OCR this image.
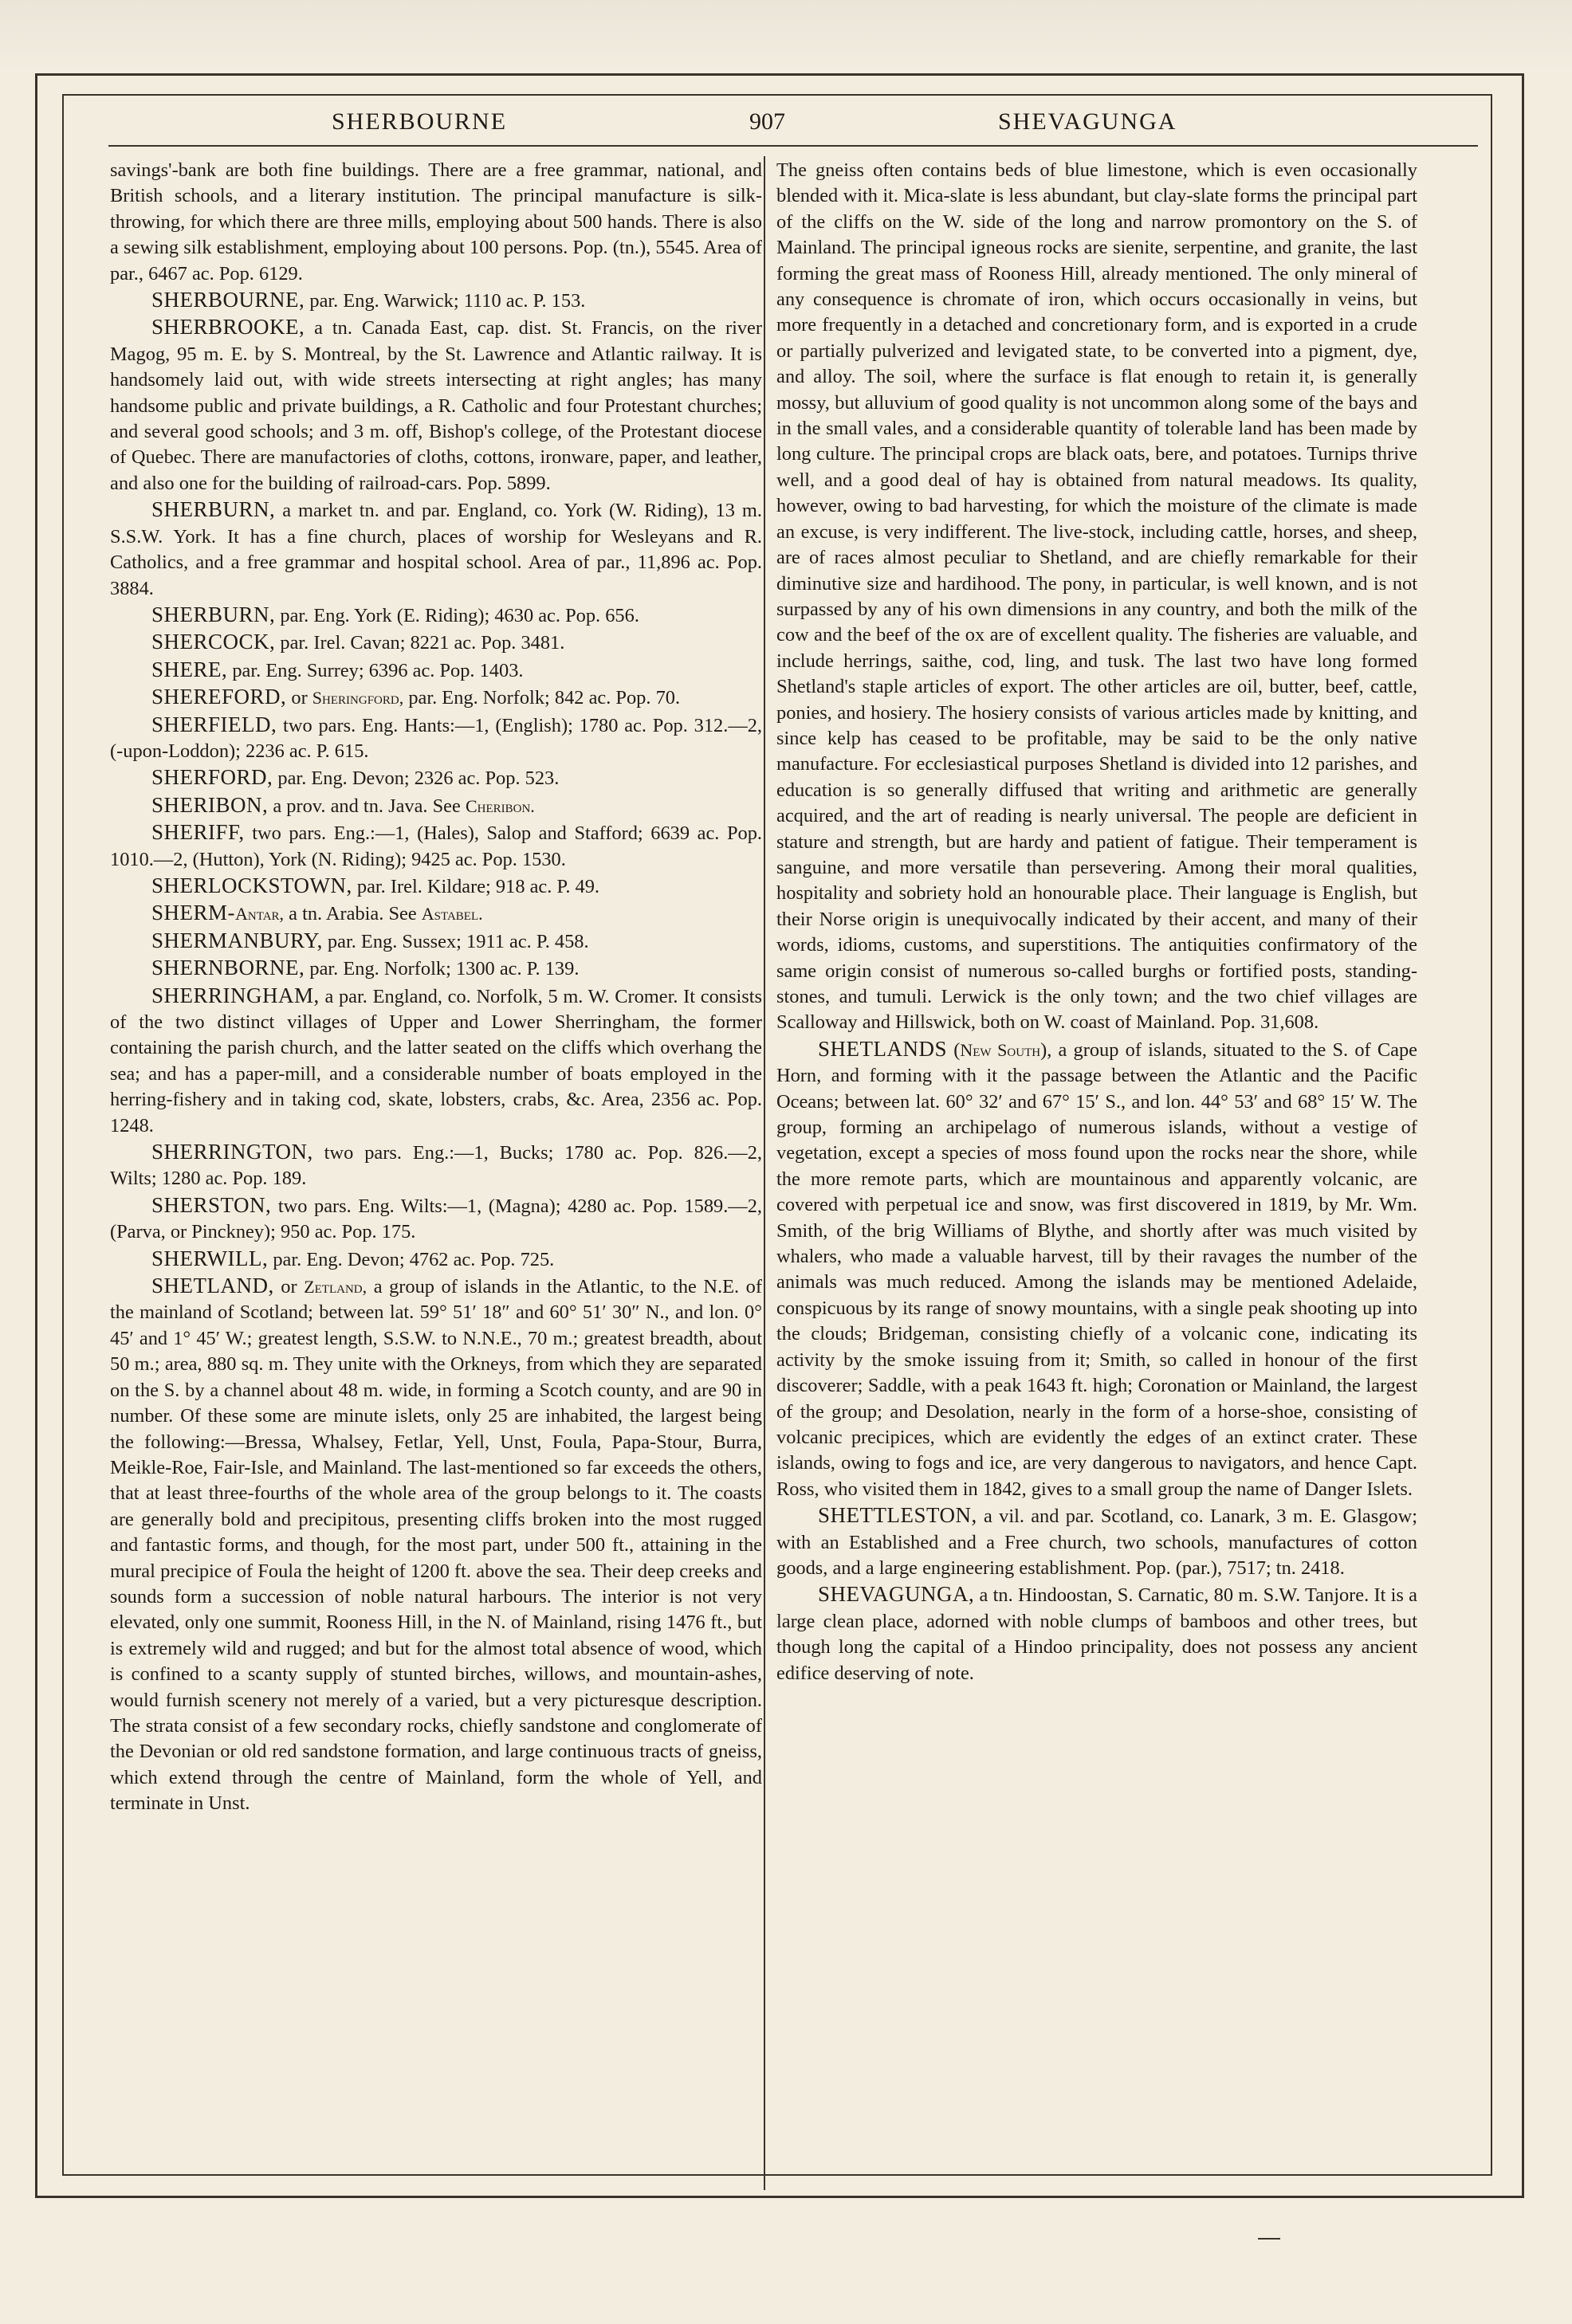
SHERBOURNE	907	SHEVAGUNGA

savings'-bank are both fine buildings. There are a free grammar, national, and British schools, and a literary institution. The principal manufacture is silk-throwing, for which there are three mills, employing about 500 hands. There is also a sewing silk establishment, employing about 100 persons. Pop. (tn.), 5545. Area of par., 6467 ac. Pop. 6129.

SHERBOURNE, par. Eng. Warwick; 1110 ac. P. 153.

SHERBROOKE, a tn. Canada East, cap. dist. St. Francis, on the river Magog, 95 m. E. by S. Montreal, by the St. Lawrence and Atlantic railway. It is handsomely laid out, with wide streets intersecting at right angles; has many handsome public and private buildings, a R. Catholic and four Protestant churches; and several good schools; and 3 m. off, Bishop's college, of the Protestant diocese of Quebec. There are manufactories of cloths, cottons, ironware, paper, and leather, and also one for the building of railroad-cars. Pop. 5899.

SHERBURN, a market tn. and par. England, co. York (W. Riding), 13 m. S.S.W. York. It has a fine church, places of worship for Wesleyans and R. Catholics, and a free grammar and hospital school. Area of par., 11,896 ac. Pop. 3884.

SHERBURN, par. Eng. York (E. Riding); 4630 ac. Pop. 656.

SHERCOCK, par. Irel. Cavan; 8221 ac. Pop. 3481.

SHERE, par. Eng. Surrey; 6396 ac. Pop. 1403.

SHEREFORD, or Sheringford, par. Eng. Norfolk; 842 ac. Pop. 70.

SHERFIELD, two pars. Eng. Hants:—1, (English); 1780 ac. Pop. 312.—2, (-upon-Loddon); 2236 ac. P. 615.

SHERFORD, par. Eng. Devon; 2326 ac. Pop. 523.

SHERIBON, a prov. and tn. Java. See Cheribon.

SHERIFF, two pars. Eng.:—1, (Hales), Salop and Stafford; 6639 ac. Pop. 1010.—2, (Hutton), York (N. Riding); 9425 ac. Pop. 1530.

SHERLOCKSTOWN, par. Irel. Kildare; 918 ac. P. 49.

SHERM-Antar, a tn. Arabia. See Astabel.

SHERMANBURY, par. Eng. Sussex; 1911 ac. P. 458.

SHERNBORNE, par. Eng. Norfolk; 1300 ac. P. 139.

SHERRINGHAM, a par. England, co. Norfolk, 5 m. W. Cromer. It consists of the two distinct villages of Upper and Lower Sherringham, the former containing the parish church, and the latter seated on the cliffs which overhang the sea; and has a paper-mill, and a considerable number of boats employed in the herring-fishery and in taking cod, skate, lobsters, crabs, &c. Area, 2356 ac. Pop. 1248.

SHERRINGTON, two pars. Eng.:—1, Bucks; 1780 ac. Pop. 826.—2, Wilts; 1280 ac. Pop. 189.

SHERSTON, two pars. Eng. Wilts:—1, (Magna); 4280 ac. Pop. 1589.—2, (Parva, or Pinckney); 950 ac. Pop. 175.

SHERWILL, par. Eng. Devon; 4762 ac. Pop. 725.

SHETLAND, or Zetland, a group of islands in the Atlantic, to the N.E. of the mainland of Scotland; between lat. 59° 51′ 18″ and 60° 51′ 30″ N., and lon. 0° 45′ and 1° 45′ W.; greatest length, S.S.W. to N.N.E., 70 m.; greatest breadth, about 50 m.; area, 880 sq. m. They unite with the Orkneys, from which they are separated on the S. by a channel about 48 m. wide, in forming a Scotch county, and are 90 in number. Of these some are minute islets, only 25 are inhabited, the largest being the following:—Bressa, Whalsey, Fetlar, Yell, Unst, Foula, Papa-Stour, Burra, Meikle-Roe, Fair-Isle, and Mainland. The last-mentioned so far exceeds the others, that at least three-fourths of the whole area of the group belongs to it. The coasts are generally bold and precipitous, presenting cliffs broken into the most rugged and fantastic forms, and though, for the most part, under 500 ft., attaining in the mural precipice of Foula the height of 1200 ft. above the sea. Their deep creeks and sounds form a succession of noble natural harbours. The interior is not very elevated, only one summit, Rooness Hill, in the N. of Mainland, rising 1476 ft., but is extremely wild and rugged; and but for the almost total absence of wood, which is confined to a scanty supply of stunted birches, willows, and mountain-ashes, would furnish scenery not merely of a varied, but a very picturesque description. The strata consist of a few secondary rocks, chiefly sandstone and conglomerate of the Devonian or old red sandstone formation, and large continuous tracts of gneiss, which extend through the centre of Mainland, form the whole of Yell, and terminate in Unst.

The gneiss often contains beds of blue limestone, which is even occasionally blended with it. Mica-slate is less abundant, but clay-slate forms the principal part of the cliffs on the W. side of the long and narrow promontory on the S. of Mainland. The principal igneous rocks are sienite, serpentine, and granite, the last forming the great mass of Rooness Hill, already mentioned. The only mineral of any consequence is chromate of iron, which occurs occasionally in veins, but more frequently in a detached and concretionary form, and is exported in a crude or partially pulverized and levigated state, to be converted into a pigment, dye, and alloy. The soil, where the surface is flat enough to retain it, is generally mossy, but alluvium of good quality is not uncommon along some of the bays and in the small vales, and a considerable quantity of tolerable land has been made by long culture. The principal crops are black oats, bere, and potatoes. Turnips thrive well, and a good deal of hay is obtained from natural meadows. Its quality, however, owing to bad harvesting, for which the moisture of the climate is made an excuse, is very indifferent. The live-stock, including cattle, horses, and sheep, are of races almost peculiar to Shetland, and are chiefly remarkable for their diminutive size and hardihood. The pony, in particular, is well known, and is not surpassed by any of his own dimensions in any country, and both the milk of the cow and the beef of the ox are of excellent quality. The fisheries are valuable, and include herrings, saithe, cod, ling, and tusk. The last two have long formed Shetland's staple articles of export. The other articles are oil, butter, beef, cattle, ponies, and hosiery. The hosiery consists of various articles made by knitting, and since kelp has ceased to be profitable, may be said to be the only native manufacture. For ecclesiastical purposes Shetland is divided into 12 parishes, and education is so generally diffused that writing and arithmetic are generally acquired, and the art of reading is nearly universal. The people are deficient in stature and strength, but are hardy and patient of fatigue. Their temperament is sanguine, and more versatile than persevering. Among their moral qualities, hospitality and sobriety hold an honourable place. Their language is English, but their Norse origin is unequivocally indicated by their accent, and many of their words, idioms, customs, and superstitions. The antiquities confirmatory of the same origin consist of numerous so-called burghs or fortified posts, standing-stones, and tumuli. Lerwick is the only town; and the two chief villages are Scalloway and Hillswick, both on W. coast of Mainland. Pop. 31,608.

SHETLANDS (New South), a group of islands, situated to the S. of Cape Horn, and forming with it the passage between the Atlantic and the Pacific Oceans; between lat. 60° 32′ and 67° 15′ S., and lon. 44° 53′ and 68° 15′ W. The group, forming an archipelago of numerous islands, without a vestige of vegetation, except a species of moss found upon the rocks near the shore, while the more remote parts, which are mountainous and apparently volcanic, are covered with perpetual ice and snow, was first discovered in 1819, by Mr. Wm. Smith, of the brig Williams of Blythe, and shortly after was much visited by whalers, who made a valuable harvest, till by their ravages the number of the animals was much reduced. Among the islands may be mentioned Adelaide, conspicuous by its range of snowy mountains, with a single peak shooting up into the clouds; Bridgeman, consisting chiefly of a volcanic cone, indicating its activity by the smoke issuing from it; Smith, so called in honour of the first discoverer; Saddle, with a peak 1643 ft. high; Coronation or Mainland, the largest of the group; and Desolation, nearly in the form of a horse-shoe, consisting of volcanic precipices, which are evidently the edges of an extinct crater. These islands, owing to fogs and ice, are very dangerous to navigators, and hence Capt. Ross, who visited them in 1842, gives to a small group the name of Danger Islets.

SHETTLESTON, a vil. and par. Scotland, co. Lanark, 3 m. E. Glasgow; with an Established and a Free church, two schools, manufactures of cotton goods, and a large engineering establishment. Pop. (par.), 7517; tn. 2418.

SHEVAGUNGA, a tn. Hindoostan, S. Carnatic, 80 m. S.W. Tanjore. It is a large clean place, adorned with noble clumps of bamboos and other trees, but though long the capital of a Hindoo principality, does not possess any ancient edifice deserving of note.
